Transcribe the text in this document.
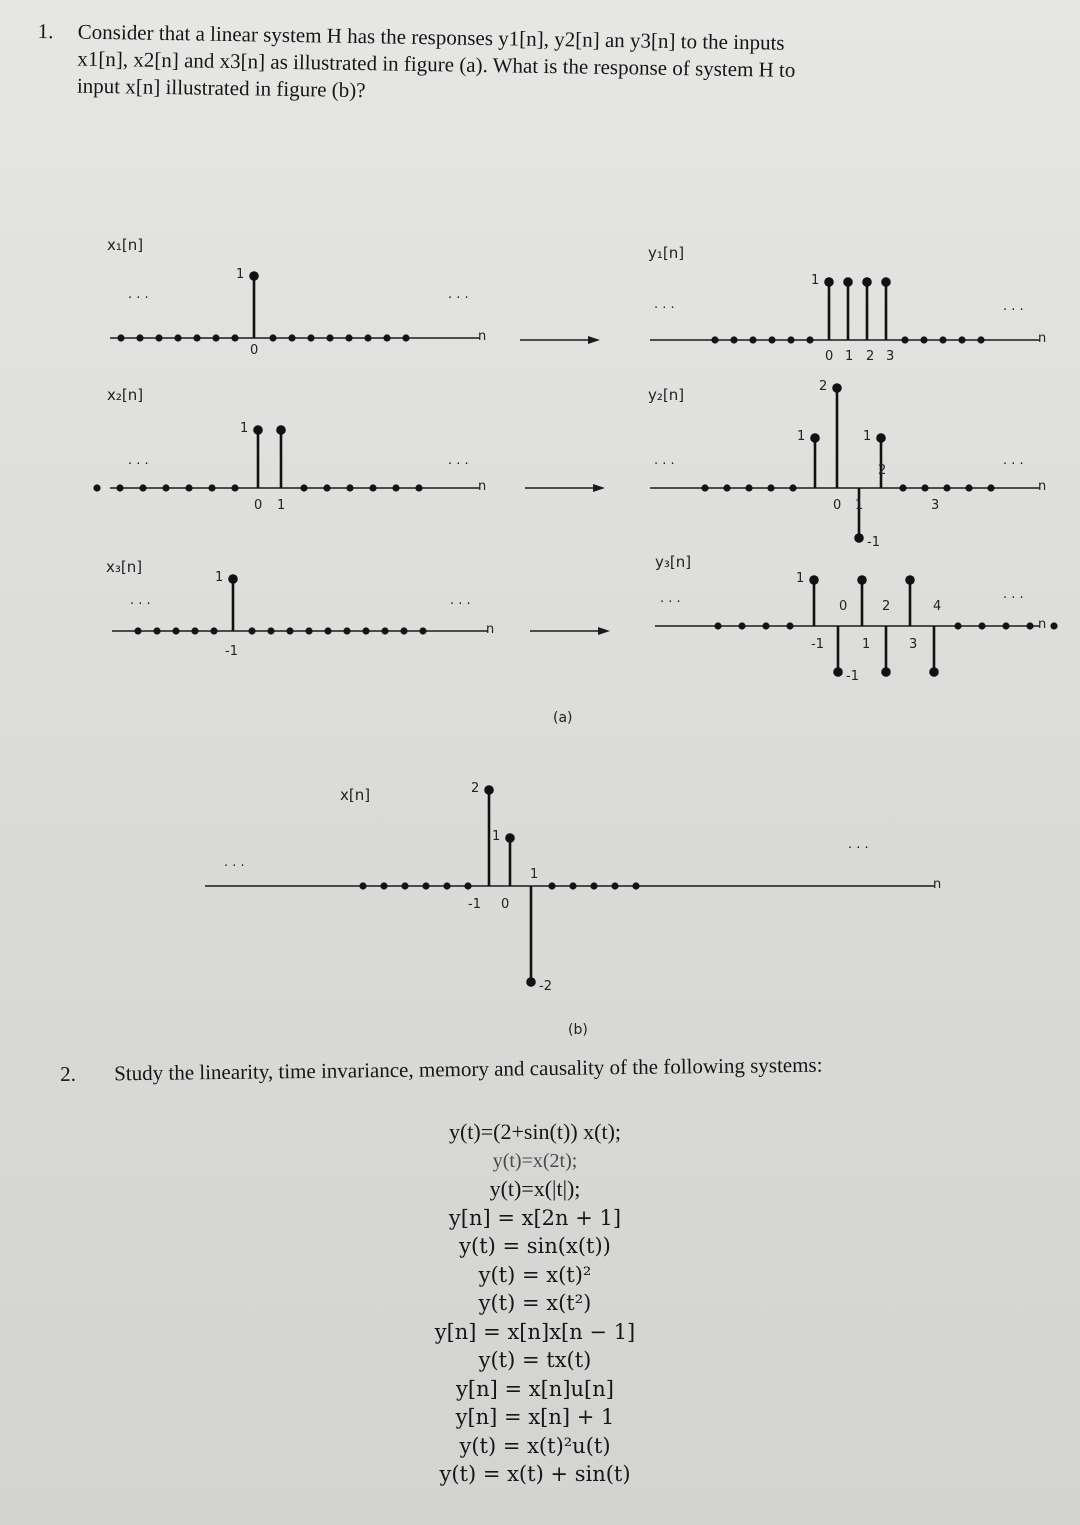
1. Consider that a linear system H has the responses y1[n], y2[n] an y3[n] to the inputs
x1[n], x2[n] and x3[n] as illustrated in figure (a). What is the response of system H to
input x[n] illustrated in figure (b)?
n
x₁[n]
· · ·	· · ·
0
1
n
x₂[n]
· · ·	· · ·
0 1
1
n
x₃[n]
· · ·	· · ·
-1
1
n
y₁[n]
· · ·	· · ·
0 1 2 3
1
n
y₂[n]
· · ·	· · ·
0 1
2
3
2
1	1
-1
n
y₃[n]
· · ·	· · ·
-1
0
1
2
3
4
1
-1
n
x[n]
· · ·
· · ·
-1 0
1
2
1
-2
(a)
(b)
2. Study the linearity, time invariance, memory and causality of the following systems:
y(t)=(2+sin(t)) x(t);
y(t)=x(2t);
y(t)=x(|t|);
y[n] = x[2n + 1]
y(t) = sin(x(t))
y(t) = x(t)²
y(t) = x(t²)
y[n] = x[n]x[n − 1]
y(t) = tx(t)
y[n] = x[n]u[n]
y[n] = x[n] + 1
y(t) = x(t)²u(t)
y(t) = x(t) + sin(t)
